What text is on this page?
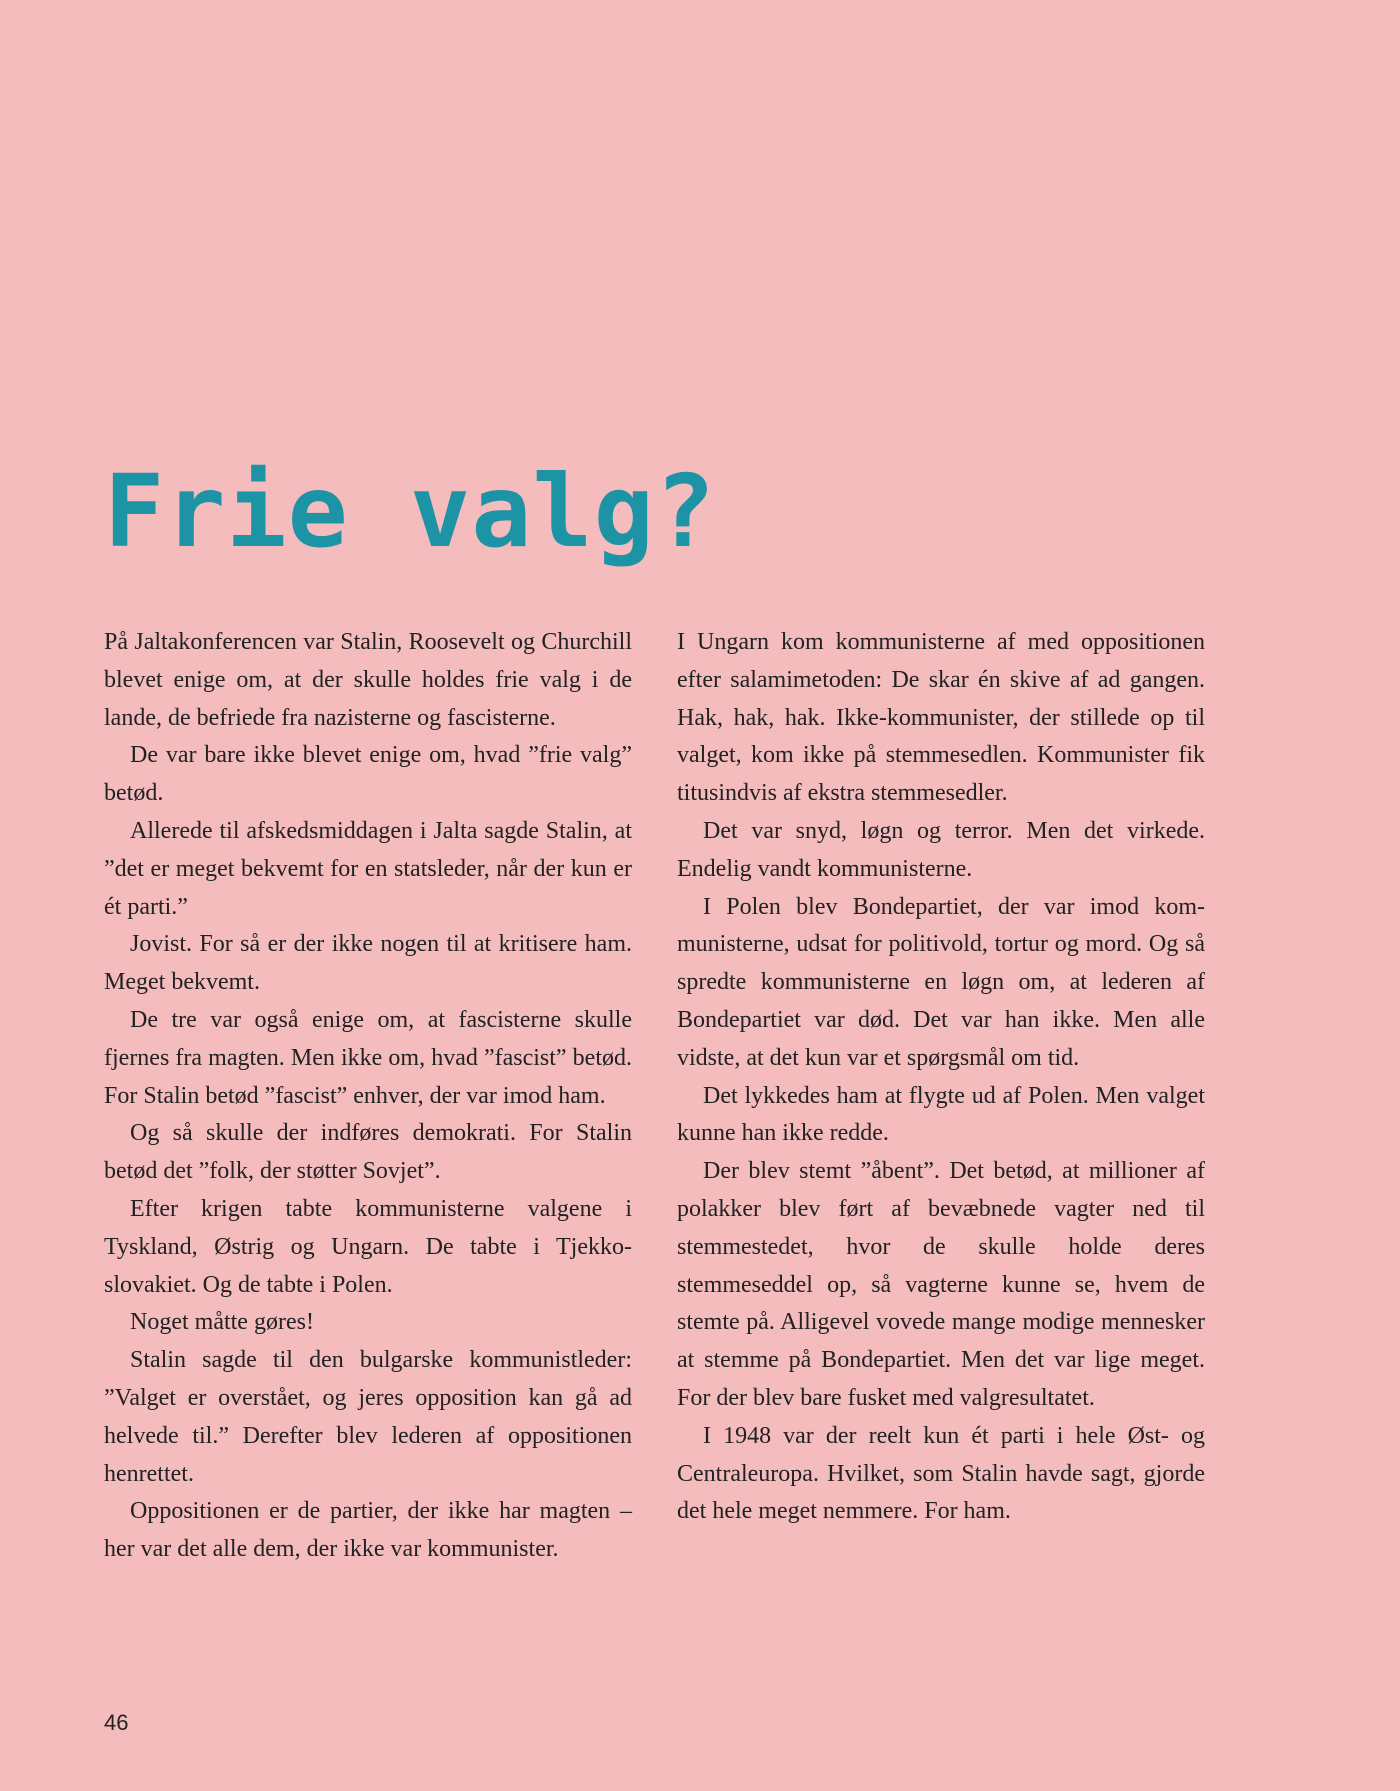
Frie valg?

På Jaltakonferencen var Stalin, Roosevelt og Churchill blevet enige om, at der skulle holdes frie valg i de lande, de befriede fra nazisterne og fascisterne.

De var bare ikke blevet enige om, hvad ”frie valg” betød.

Allerede til afskedsmiddagen i Jalta sagde Stalin, at ”det er meget bekvemt for en statsleder, når der kun er ét parti.”

Jovist. For så er der ikke nogen til at kritisere ham. Meget bekvemt.

De tre var også enige om, at fascisterne skulle fjernes fra magten. Men ikke om, hvad ”fascist” betød. For Stalin betød ”fascist” enhver, der var imod ham.

Og så skulle der indføres demokrati. For Stalin betød det ”folk, der støtter Sovjet”.

Efter krigen tabte kommunisterne valgene i Tyskland, Østrig og Ungarn. De tabte i Tjekkoslovakiet. Og de tabte i Polen.

Noget måtte gøres!

Stalin sagde til den bulgarske kommunistleder: ”Valget er overstået, og jeres opposition kan gå ad helvede til.” Derefter blev lederen af oppositionen henrettet.

Oppositionen er de partier, der ikke har magten – her var det alle dem, der ikke var kommunister.

I Ungarn kom kommunisterne af med oppositionen efter salamimetoden: De skar én skive af ad gangen. Hak, hak, hak. Ikke-kommunister, der stillede op til valget, kom ikke på stemmesedlen. Kommunister fik titusindvis af ekstra stemmesedler.

Det var snyd, løgn og terror. Men det virkede. Endelig vandt kommunisterne.

I Polen blev Bondepartiet, der var imod kommunisterne, udsat for politivold, tortur og mord. Og så spredte kommunisterne en løgn om, at lederen af Bondepartiet var død. Det var han ikke. Men alle vidste, at det kun var et spørgsmål om tid.

Det lykkedes ham at flygte ud af Polen. Men valget kunne han ikke redde.

Der blev stemt ”åbent”. Det betød, at millioner af polakker blev ført af bevæbnede vagter ned til stemmestedet, hvor de skulle holde deres stemmeseddel op, så vagterne kunne se, hvem de stemte på. Alligevel vovede mange modige mennesker at stemme på Bondepartiet. Men det var lige meget. For der blev bare fusket med valgresultatet.

I 1948 var der reelt kun ét parti i hele Øst- og Centraleuropa. Hvilket, som Stalin havde sagt, gjorde det hele meget nemmere. For ham.

46
